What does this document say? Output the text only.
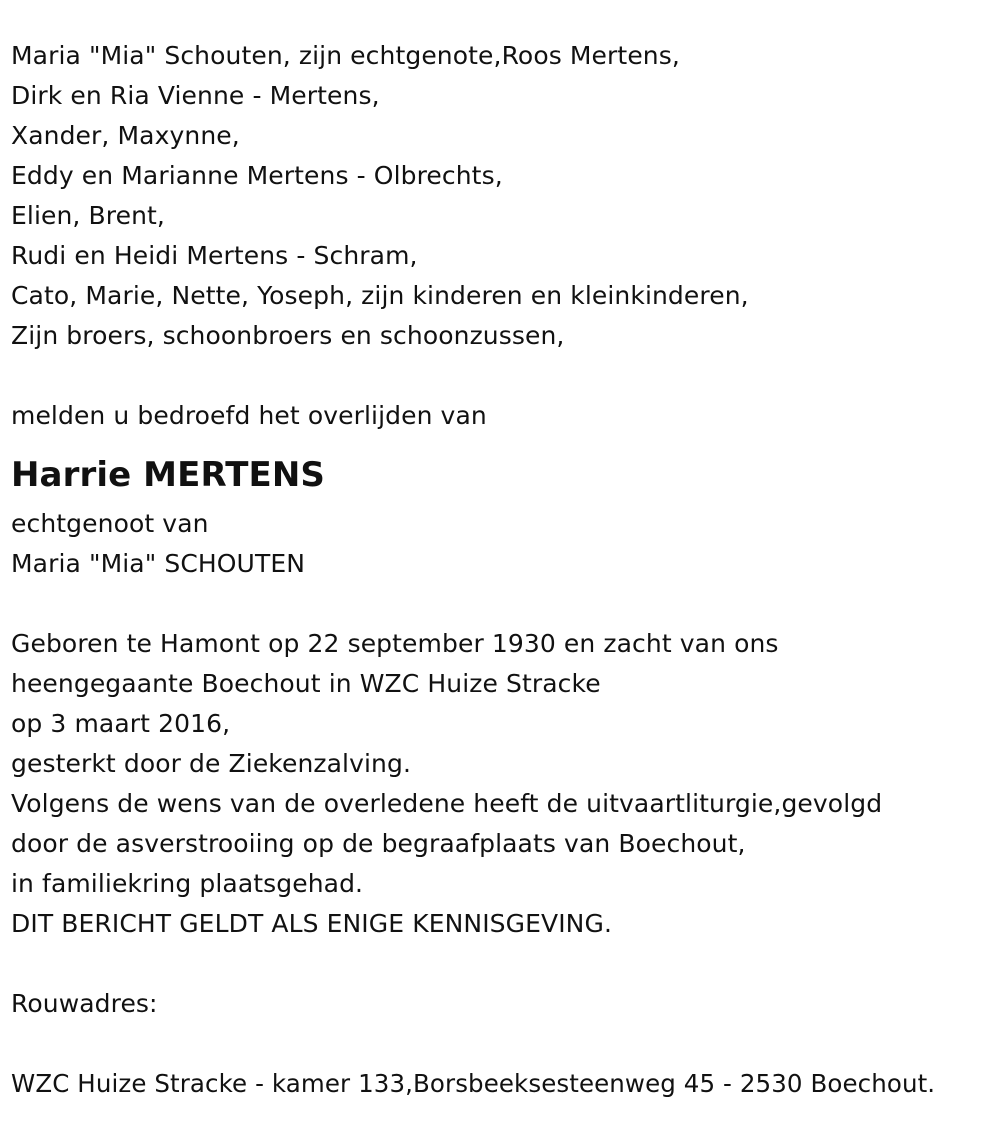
Maria "Mia" Schouten, zijn echtgenote,Roos Mertens,
Dirk en Ria Vienne - Mertens,
Xander, Maxynne,
Eddy en Marianne Mertens - Olbrechts,
Elien, Brent,
Rudi en Heidi Mertens - Schram,
Cato, Marie, Nette, Yoseph, zijn kinderen en kleinkinderen,
Zijn broers, schoonbroers en schoonzussen,
melden u bedroefd het overlijden van
Harrie MERTENS
echtgenoot van
Maria "Mia" SCHOUTEN
Geboren te Hamont op 22 september 1930 en zacht van ons
heengegaante Boechout in WZC Huize Stracke
op 3 maart 2016,
gesterkt door de Ziekenzalving.
Volgens de wens van de overledene heeft de uitvaartliturgie,gevolgd
door de asverstrooiing op de begraafplaats van Boechout,
in familiekring plaatsgehad.
DIT BERICHT GELDT ALS ENIGE KENNISGEVING.
Rouwadres:
WZC Huize Stracke - kamer 133,Borsbeeksesteenweg 45 - 2530 Boechout.
